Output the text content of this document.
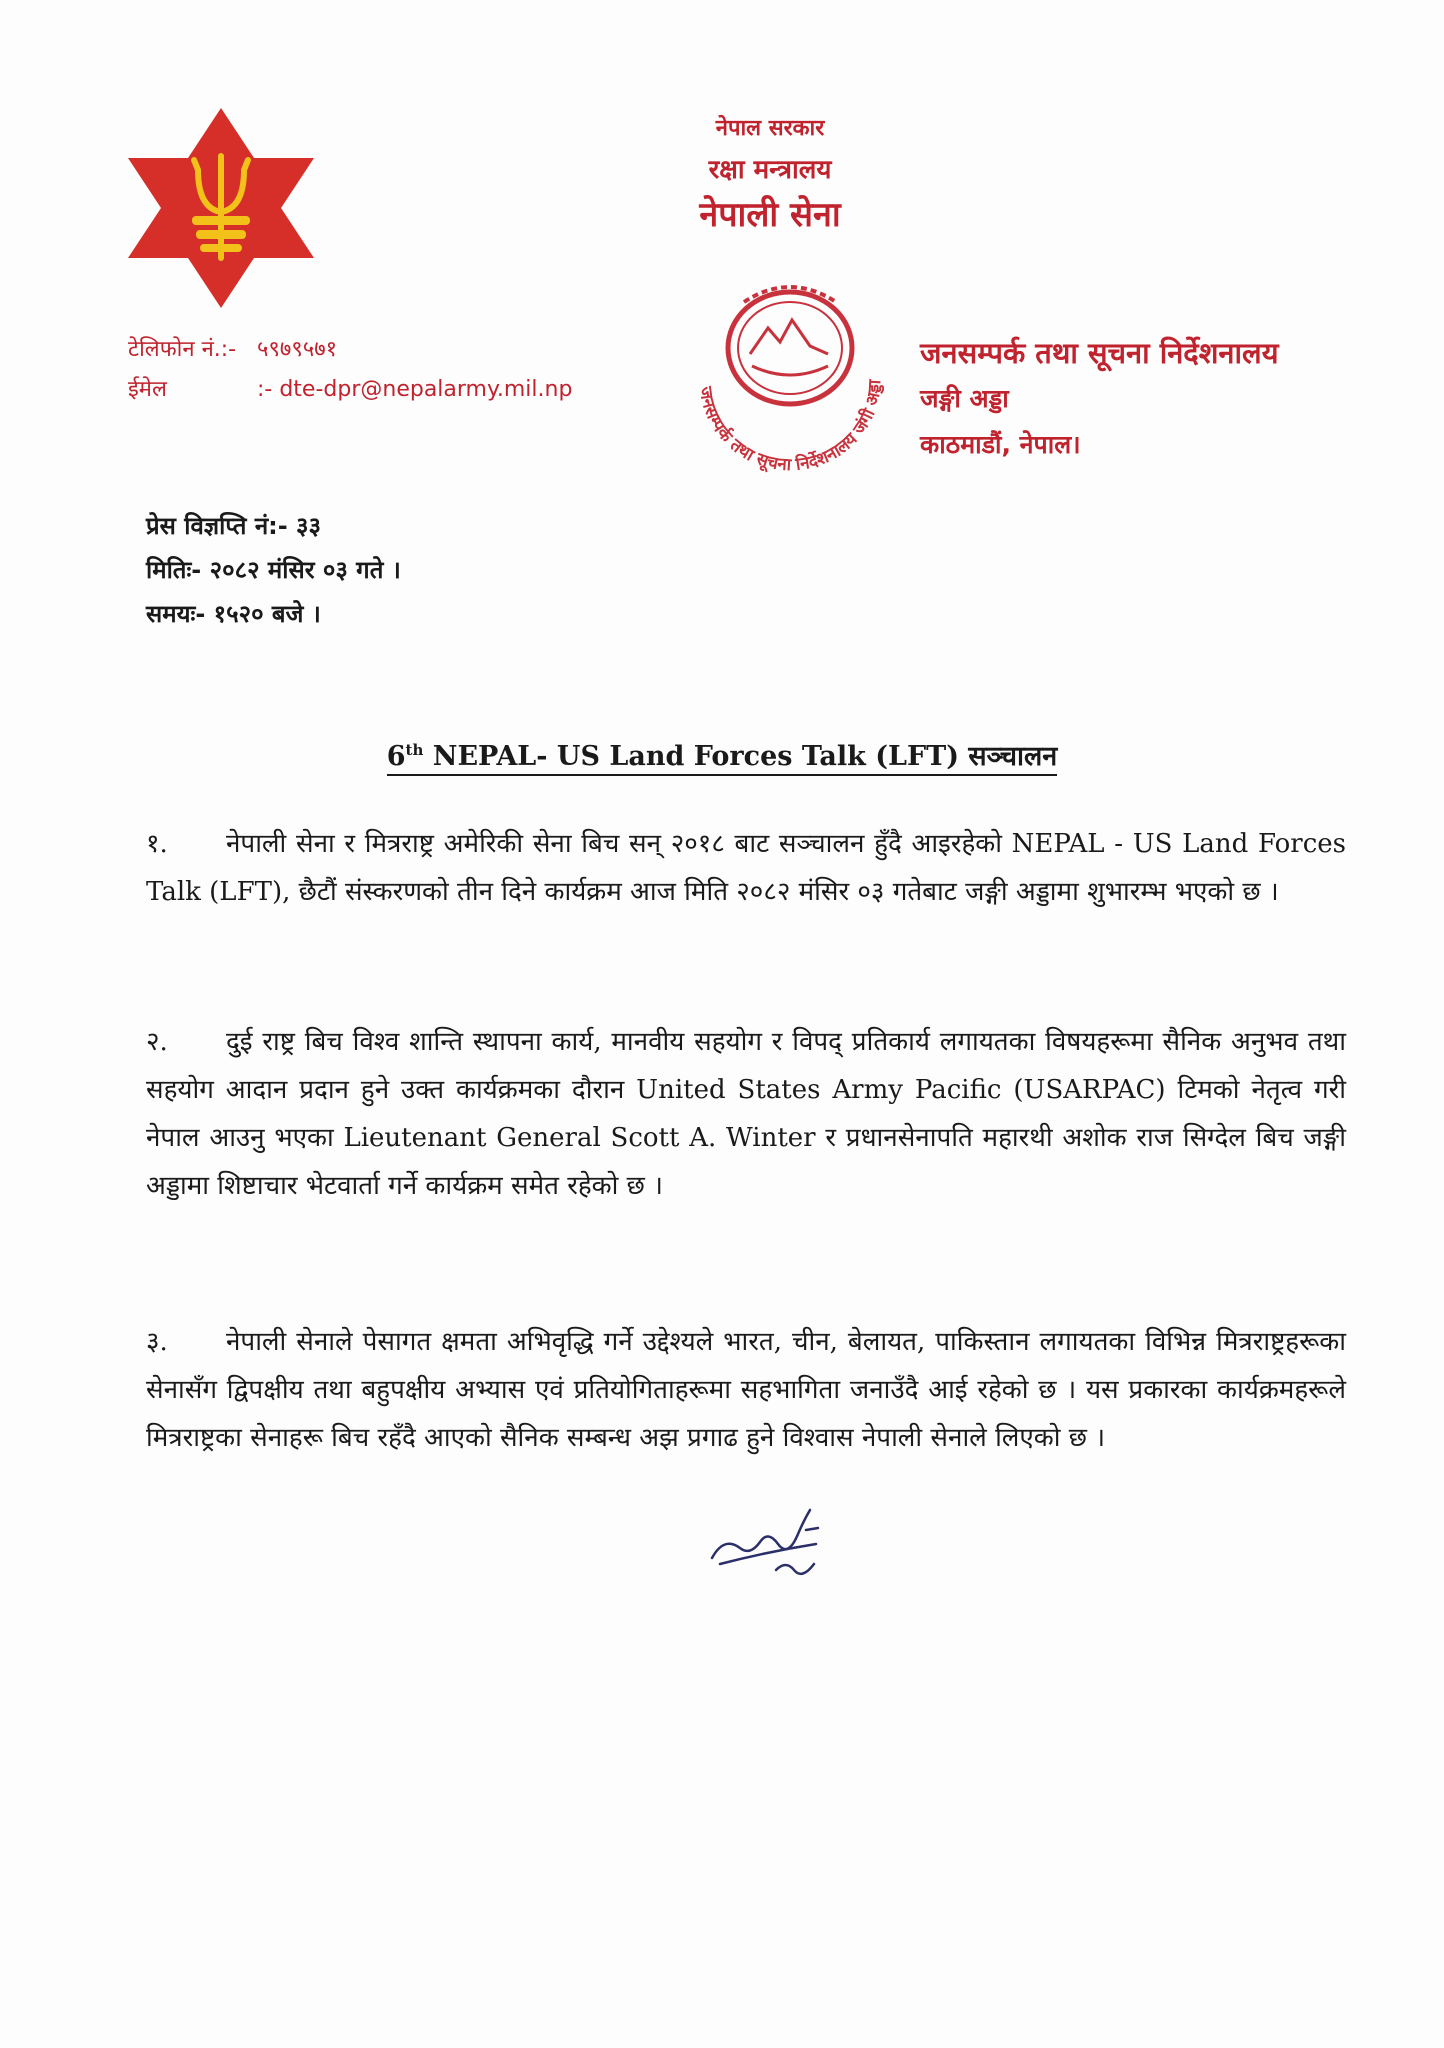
नेपाल सरकार
रक्षा मन्त्रालय
नेपाली सेना
जनसम्पर्क तथा सूचना निर्देशनालय जंगी अड्डा
टेलिफोन नं.:- ५९७९५७१
ईमेल	:- dte-dpr@nepalarmy.mil.np
जनसम्पर्क तथा सूचना निर्देशनालय
जङ्गी अड्डा
काठमाडौं, नेपाल।
प्रेस विज्ञप्ति नं:- ३३
मितिः- २०८२ मंसिर ०३ गते ।
समयः- १५२० बजे ।
6th NEPAL- US Land Forces Talk (LFT) सञ्चालन
१. नेपाली सेना र मित्रराष्ट्र अमेरिकी सेना बिच सन् २०१८ बाट सञ्चालन हुँदै आइरहेको NEPAL - US Land Forces Talk (LFT), छैटौं संस्करणको तीन दिने कार्यक्रम आज मिति २०८२ मंसिर ०३ गतेबाट जङ्गी अड्डामा शुभारम्भ भएको छ ।
२. दुई राष्ट्र बिच विश्व शान्ति स्थापना कार्य, मानवीय सहयोग र विपद् प्रतिकार्य लगायतका विषयहरूमा सैनिक अनुभव तथा सहयोग आदान प्रदान हुने उक्त कार्यक्रमका दौरान United States Army Pacific (USARPAC) टिमको नेतृत्व गरी नेपाल आउनु भएका Lieutenant General Scott A. Winter र प्रधानसेनापति महारथी अशोक राज सिग्देल बिच जङ्गी अड्डामा शिष्टाचार भेटवार्ता गर्ने कार्यक्रम समेत रहेको छ ।
३. नेपाली सेनाले पेसागत क्षमता अभिवृद्धि गर्ने उद्देश्यले भारत, चीन, बेलायत, पाकिस्तान लगायतका विभिन्न मित्रराष्ट्रहरूका सेनासँग द्विपक्षीय तथा बहुपक्षीय अभ्यास एवं प्रतियोगिताहरूमा सहभागिता जनाउँदै आई रहेको छ । यस प्रकारका कार्यक्रमहरूले मित्रराष्ट्रका सेनाहरू बिच रहँदै आएको सैनिक सम्बन्ध अझ प्रगाढ हुने विश्वास नेपाली सेनाले लिएको छ ।
